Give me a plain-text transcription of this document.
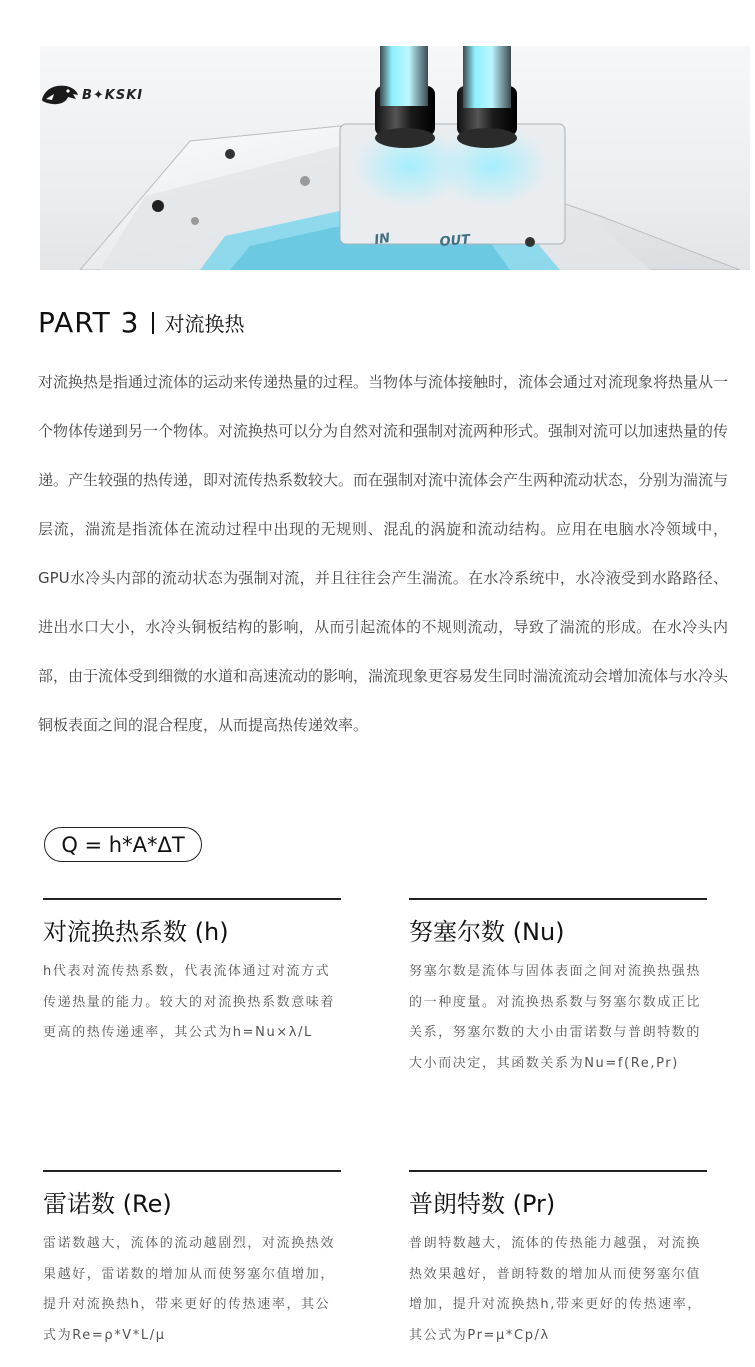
IN	OUT
B✦KSKI
PART 3 对流换热

对流换热是指通过流体的运动来传递热量的过程。当物体与流体接触时，流体会通过对流现象将热量从一个物体传递到另一个物体。对流换热可以分为自然对流和强制对流两种形式。强制对流可以加速热量的传递。产生较强的热传递，即对流传热系数较大。而在强制对流中流体会产生两种流动状态，分别为湍流与层流，湍流是指流体在流动过程中出现的无规则、混乱的涡旋和流动结构。应用在电脑水冷领域中，GPU水冷头内部的流动状态为强制对流，并且往往会产生湍流。在水冷系统中，水冷液受到水路路径、进出水口大小，水冷头铜板结构的影响，从而引起流体的不规则流动，导致了湍流的形成。在水冷头内部，由于流体受到细微的水道和高速流动的影响，湍流现象更容易发生同时湍流流动会增加流体与水冷头铜板表面之间的混合程度，从而提高热传递效率。

Q = h*A*ΔT
对流换热系数 (h)

h代表对流传热系数，代表流体通过对流方式传递热量的能力。较大的对流换热系数意味着更高的热传递速率，其公式为h=Nu×λ/L

努塞尔数 (Nu)

努塞尔数是流体与固体表面之间对流换热强热的一种度量。对流换热系数与努塞尔数成正比关系，努塞尔数的大小由雷诺数与普朗特数的大小而决定，其函数关系为Nu=f(Re,Pr)

雷诺数 (Re)

雷诺数越大，流体的流动越剧烈，对流换热效果越好，雷诺数的增加从而使努塞尔值增加，提升对流换热h，带来更好的传热速率，其公式为Re=ρ*V*L/μ

普朗特数 (Pr)

普朗特数越大，流体的传热能力越强，对流换热效果越好，普朗特数的增加从而使努塞尔值增加，提升对流换热h,带来更好的传热速率，其公式为Pr=μ*Cp/λ
